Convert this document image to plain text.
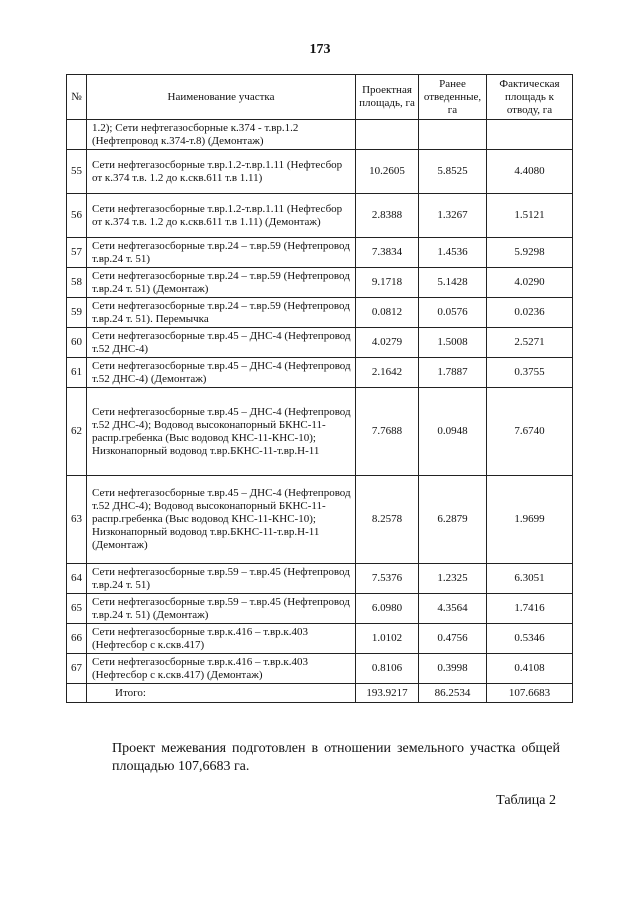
173
№	Наименование участка	Проектная площадь, га	Ранее отведенные, га	Фактическая площадь к отводу, га
	1.2); Сети нефтегазосборные к.374 - т.вр.1.2 (Нефтепровод к.374-т.8) (Демонтаж)			
55	Сети нефтегазосборные т.вр.1.2-т.вр.1.11 (Нефтесбор от к.374 т.в. 1.2 до к.скв.611 т.в 1.11)	10.2605	5.8525	4.4080
56	Сети нефтегазосборные т.вр.1.2-т.вр.1.11 (Нефтесбор от к.374 т.в. 1.2 до к.скв.611 т.в 1.11) (Демонтаж)	2.8388	1.3267	1.5121
57	Сети нефтегазосборные т.вр.24 – т.вр.59 (Нефтепровод т.вр.24 т. 51)	7.3834	1.4536	5.9298
58	Сети нефтегазосборные т.вр.24 – т.вр.59 (Нефтепровод т.вр.24 т. 51) (Демонтаж)	9.1718	5.1428	4.0290
59	Сети нефтегазосборные т.вр.24 – т.вр.59 (Нефтепровод т.вр.24 т. 51). Перемычка	0.0812	0.0576	0.0236
60	Сети нефтегазосборные т.вр.45 – ДНС-4 (Нефтепровод т.52 ДНС-4)	4.0279	1.5008	2.5271
61	Сети нефтегазосборные т.вр.45 – ДНС-4 (Нефтепровод т.52 ДНС-4) (Демонтаж)	2.1642	1.7887	0.3755
62	Сети нефтегазосборные т.вр.45 – ДНС-4 (Нефтепровод т.52 ДНС-4); Водовод высоконапорный БКНС-11-распр.гребенка (Выс водовод КНС-11-КНС-10); Низконапорный водовод т.вр.БКНС-11-т.вр.Н-11	7.7688	0.0948	7.6740
63	Сети нефтегазосборные т.вр.45 – ДНС-4 (Нефтепровод т.52 ДНС-4); Водовод высоконапорный БКНС-11-распр.гребенка (Выс водовод КНС-11-КНС-10); Низконапорный водовод т.вр.БКНС-11-т.вр.Н-11 (Демонтаж)	8.2578	6.2879	1.9699
64	Сети нефтегазосборные т.вр.59 – т.вр.45 (Нефтепровод т.вр.24 т. 51)	7.5376	1.2325	6.3051
65	Сети нефтегазосборные т.вр.59 – т.вр.45 (Нефтепровод т.вр.24 т. 51) (Демонтаж)	6.0980	4.3564	1.7416
66	Сети нефтегазосборные т.вр.к.416 – т.вр.к.403 (Нефтесбор с к.скв.417)	1.0102	0.4756	0.5346
67	Сети нефтегазосборные т.вр.к.416 – т.вр.к.403 (Нефтесбор с к.скв.417) (Демонтаж)	0.8106	0.3998	0.4108
	Итого:	193.9217	86.2534	107.6683
Проект межевания подготовлен в отношении земельного участка общей площадью 107,6683 га.
Таблица 2
